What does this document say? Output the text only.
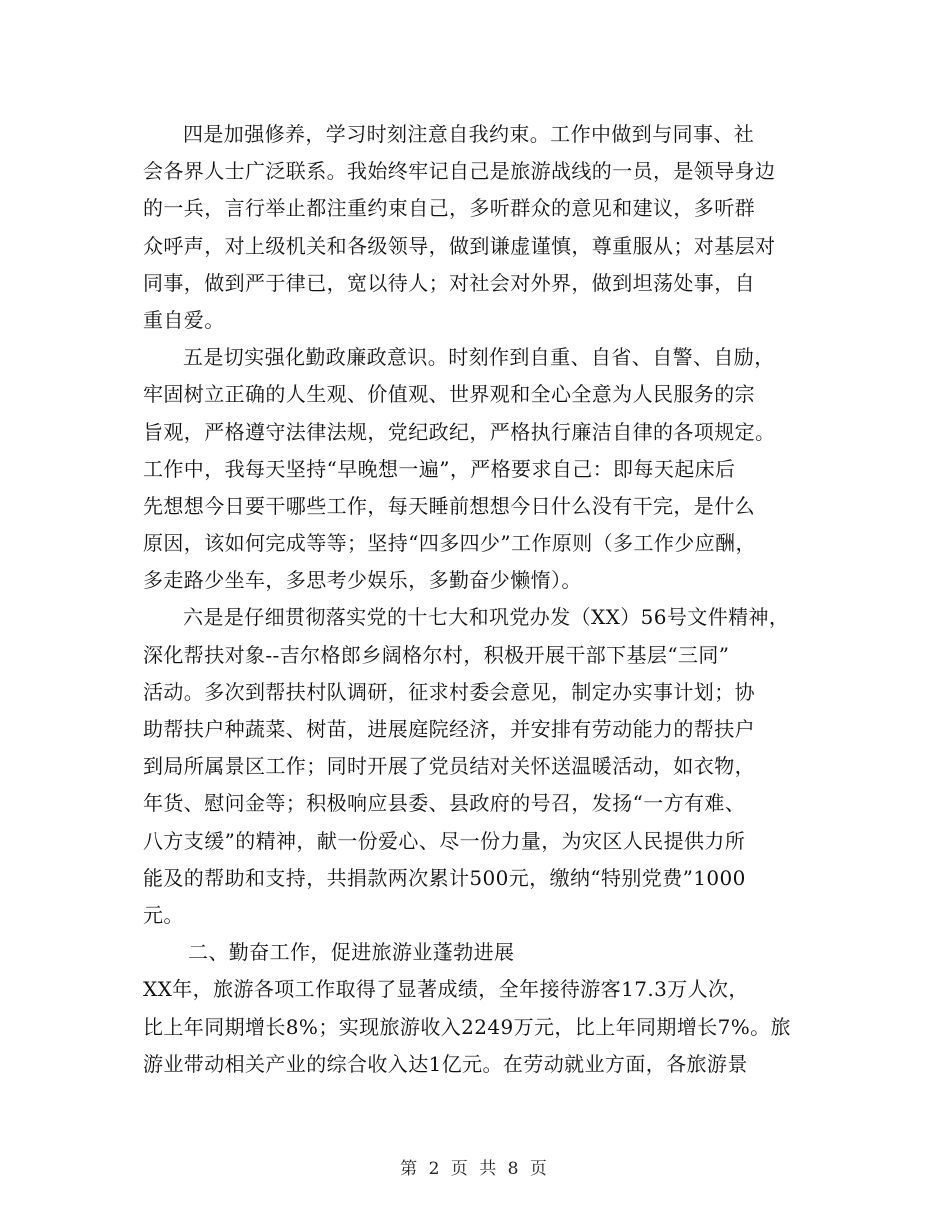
四是加强修养，学习时刻注意自我约束。工作中做到与同事、社
会各界人士广泛联系。我始终牢记自己是旅游战线的一员，是领导身边
的一兵，言行举止都注重约束自己，多听群众的意见和建议，多听群
众呼声，对上级机关和各级领导，做到谦虚谨慎，尊重服从；对基层对
同事，做到严于律已，宽以待人；对社会对外界，做到坦荡处事，自
重自爱。
五是切实强化勤政廉政意识。时刻作到自重、自省、自警、自励，
牢固树立正确的人生观、价值观、世界观和全心全意为人民服务的宗
旨观，严格遵守法律法规，党纪政纪，严格执行廉洁自律的各项规定。
工作中，我每天坚持“早晚想一遍”，严格要求自己：即每天起床后
先想想今日要干哪些工作，每天睡前想想今日什么没有干完，是什么
原因，该如何完成等等；坚持“四多四少”工作原则（多工作少应酬，
多走路少坐车，多思考少娱乐，多勤奋少懒惰）。
六是是仔细贯彻落实党的十七大和巩党办发（XX）56号文件精神，
深化帮扶对象--吉尔格郎乡阔格尔村，积极开展干部下基层“三同”
活动。多次到帮扶村队调研，征求村委会意见，制定办实事计划；协
助帮扶户种蔬菜、树苗，进展庭院经济，并安排有劳动能力的帮扶户
到局所属景区工作；同时开展了党员结对关怀送温暖活动，如衣物，
年货、慰问金等；积极响应县委、县政府的号召，发扬“一方有难、
八方支缓”的精神，献一份爱心、尽一份力量，为灾区人民提供力所
能及的帮助和支持，共捐款两次累计500元，缴纳“特别党费”1000
元。
二、勤奋工作，促进旅游业蓬勃进展
XX年，旅游各项工作取得了显著成绩，全年接待游客17.3万人次，
比上年同期增长8%；实现旅游收入2249万元，比上年同期增长7%。旅
游业带动相关产业的综合收入达1亿元。在劳动就业方面，各旅游景
第 2 页 共 8 页
